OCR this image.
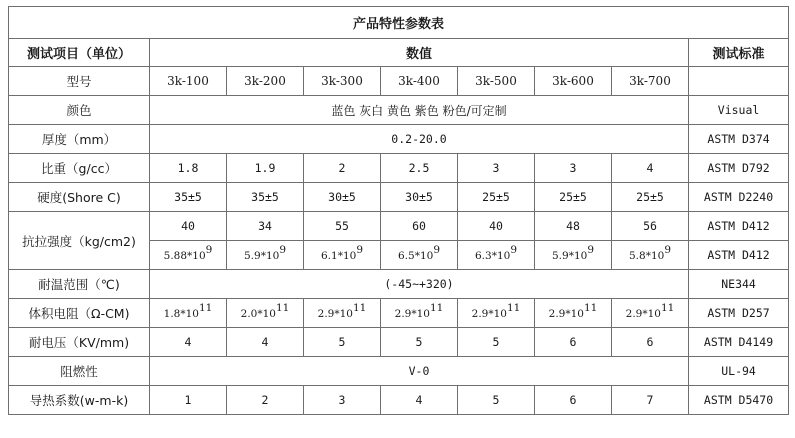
产品特性参数表								
测试项目（单位）	数值							测试标准
型号	3k-100	3k-200	3k-300	3k-400	3k-500	3k-600	3k-700	
颜色	蓝色 灰白 黄色 紫色 粉色/可定制							Visual
厚度（mm）	0.2-20.0							ASTM D374
比重（g/cc）	1.8	1.9	2	2.5	3	3	4	ASTM D792
硬度(Shore C)	35±5	35±5	30±5	30±5	25±5	25±5	25±5	ASTM D2240
抗拉强度（kg/cm2)	40	34	55	60	40	48	56	ASTM D412
	$5.88*10^9$	$5.9*10^9$	$6.1*10^9$	$6.5*10^9$	$6.3*10^9$	$5.9*10^9$	$5.8*10^9$	ASTM D412
耐温范围（℃)	(-45~+320)							NE344
体积电阻（Ω-CM)	$1.8*10^{11}$	$2.0*10^{11}$	$2.9*10^{11}$	$2.9*10^{11}$	$2.9*10^{11}$	$2.9*10^{11}$	$2.9*10^{11}$	ASTM D257
耐电压（KV/mm)	4	4	5	5	5	6	6	ASTM D4149
阻燃性	V-0							UL-94
导热系数(w-m-k)	1	2	3	4	5	6	7	ASTM D5470
